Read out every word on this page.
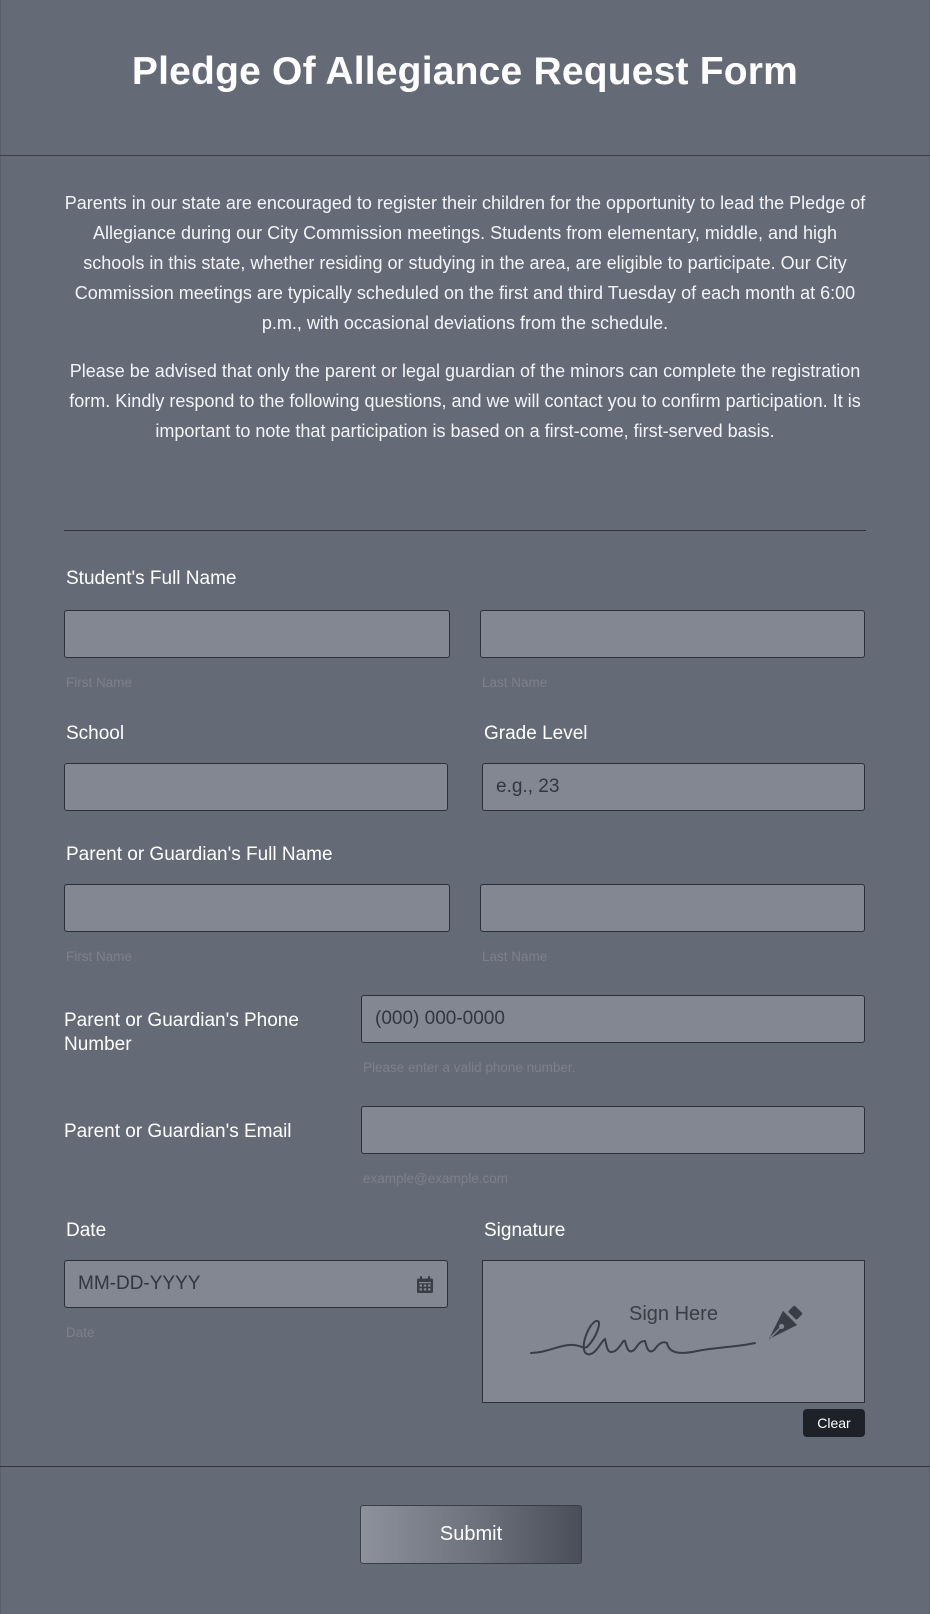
Pledge Of Allegiance Request Form

Parents in our state are encouraged to register their children for the opportunity to lead the Pledge of Allegiance during our City Commission meetings. Students from elementary, middle, and high schools in this state, whether residing or studying in the area, are eligible to participate. Our City Commission meetings are typically scheduled on the first and third Tuesday of each month at 6:00 p.m., with occasional deviations from the schedule.

Please be advised that only the parent or legal guardian of the minors can complete the registration form. Kindly respond to the following questions, and we will contact you to confirm participation. It is important to note that participation is based on a first-come, first-served basis.

Student's Full Name
First Name	Last Name
School	Grade Level
e.g., 23
Parent or Guardian's Full Name
First Name	Last Name
Parent or Guardian's Phone Number
(000) 000-0000
Please enter a valid phone number.
Parent or Guardian's Email
example@example.com
Date
MM-DD-YYYY
Date
Signature
Sign Here
Clear
Submit
